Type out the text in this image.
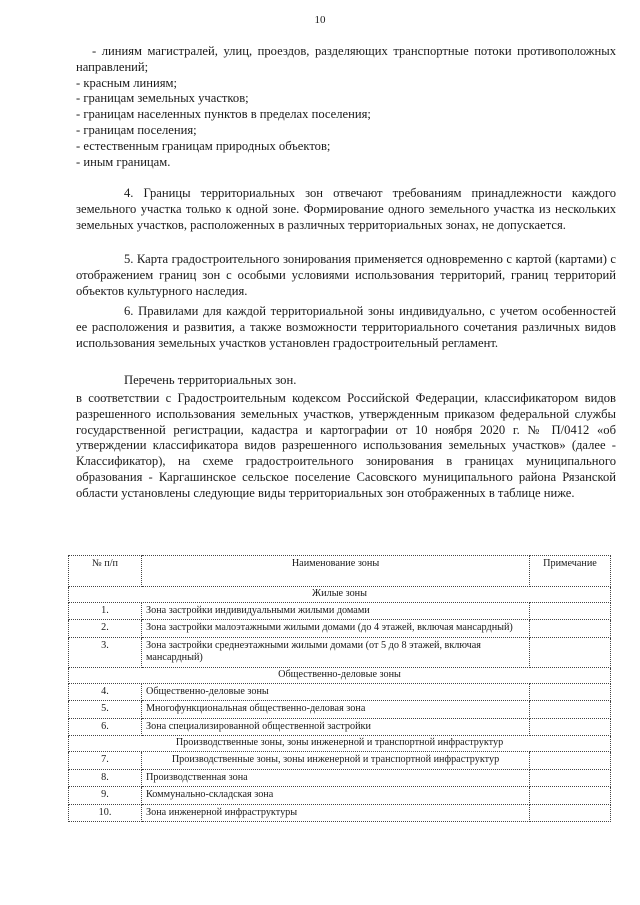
10

- линиям магистралей, улиц, проездов, разделяющих транспортные потоки противоположных направлений;

- красным линиям;

- границам земельных участков;

- границам населенных пунктов в пределах поселения;

- границам поселения;

- естественным границам природных объектов;

- иным границам.

4. Границы территориальных зон отвечают требованиям принадлежности каждого земельного участка только к одной зоне. Формирование одного земельного участка из нескольких земельных участков, расположенных в различных территориальных зонах, не допускается.

5. Карта градостроительного зонирования применяется одновременно с картой (картами) с отображением границ зон с особыми условиями использования территорий, границ территорий объектов культурного наследия.

6. Правилами для каждой территориальной зоны индивидуально, с учетом особенностей ее расположения и развития, а также возможности территориального сочетания различных видов использования земельных участков установлен градостроительный регламент.

Перечень территориальных зон.

в соответствии с Градостроительным кодексом Российской Федерации, классификатором видов разрешенного использования земельных участков, утвержденным приказом федеральной службы государственной регистрации, кадастра и картографии от 10 ноября 2020 г. № П/0412 «об утверждении классификатора видов разрешенного использования земельных участков» (далее - Классификатор), на схеме градостроительного зонирования в границах муниципального образования - Каргашинское сельское поселение Сасовского муниципального района Рязанской области установлены следующие виды территориальных зон отображенных в таблице ниже.

№ п/п	Наименование зоны	Примечание
Жилые зоны		
1.	Зона застройки индивидуальными жилыми домами	
2.	Зона застройки малоэтажными жилыми домами (до 4 этажей, включая мансардный)	
3.	Зона застройки среднеэтажными жилыми домами (от 5 до 8 этажей, включая мансардный)	
Общественно-деловые зоны		
4.	Общественно-деловые зоны	
5.	Многофункциональная общественно-деловая зона	
6.	Зона специализированной общественной застройки	
Производственные зоны, зоны инженерной и транспортной инфраструктур		
7.	Производственные зоны, зоны инженерной и транспортной инфраструктур	
8.	Производственная зона	
9.	Коммунально-складская зона	
10.	Зона инженерной инфраструктуры	
